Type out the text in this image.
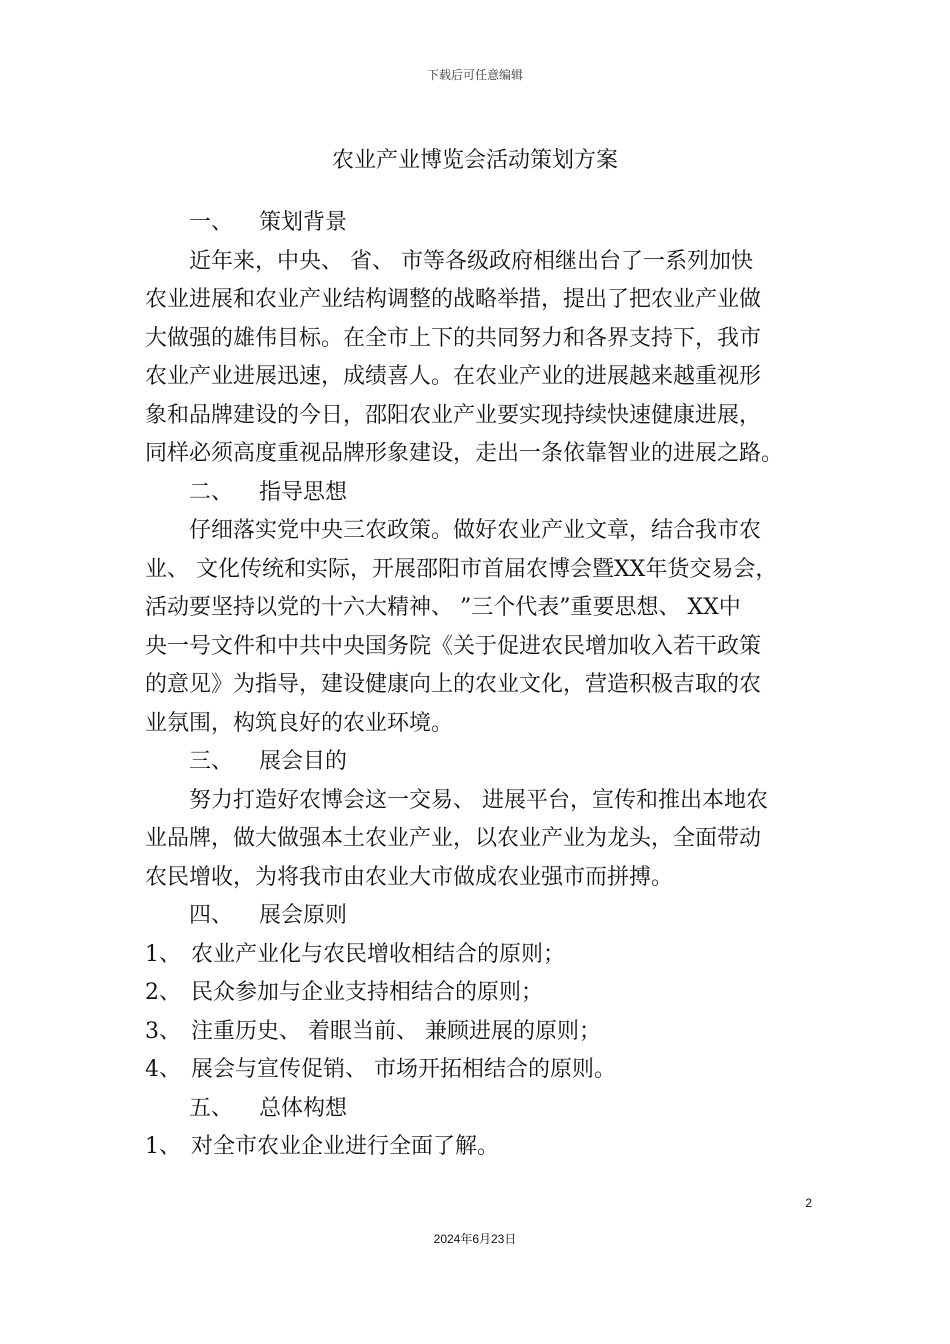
下载后可任意编辑
农业产业博览会活动策划方案
一、 策划背景
近年来，中央、 省、 市等各级政府相继出台了一系列加快
农业进展和农业产业结构调整的战略举措，提出了把农业产业做
大做强的雄伟目标。在全市上下的共同努力和各界支持下，我市
农业产业进展迅速，成绩喜人。在农业产业的进展越来越重视形
象和品牌建设的今日，邵阳农业产业要实现持续快速健康进展，
同样必须高度重视品牌形象建设，走出一条依靠智业的进展之路。
二、 指导思想
仔细落实党中央三农政策。做好农业产业文章，结合我市农
业、 文化传统和实际，开展邵阳市首届农博会暨XX年货交易会，
活动要坚持以党的十六大精神、 ”三个代表”重要思想、 XX中
央一号文件和中共中央国务院《关于促进农民增加收入若干政策
的意见》为指导，建设健康向上的农业文化，营造积极吉取的农
业氛围，构筑良好的农业环境。
三、 展会目的
努力打造好农博会这一交易、 进展平台，宣传和推出本地农
业品牌，做大做强本土农业产业，以农业产业为龙头，全面带动
农民增收，为将我市由农业大市做成农业强市而拼搏。
四、 展会原则
1、 农业产业化与农民增收相结合的原则；
2、 民众参加与企业支持相结合的原则；
3、 注重历史、 着眼当前、 兼顾进展的原则；
4、 展会与宣传促销、 市场开拓相结合的原则。
五、 总体构想
1、 对全市农业企业进行全面了解。
2
2024年6月23日
